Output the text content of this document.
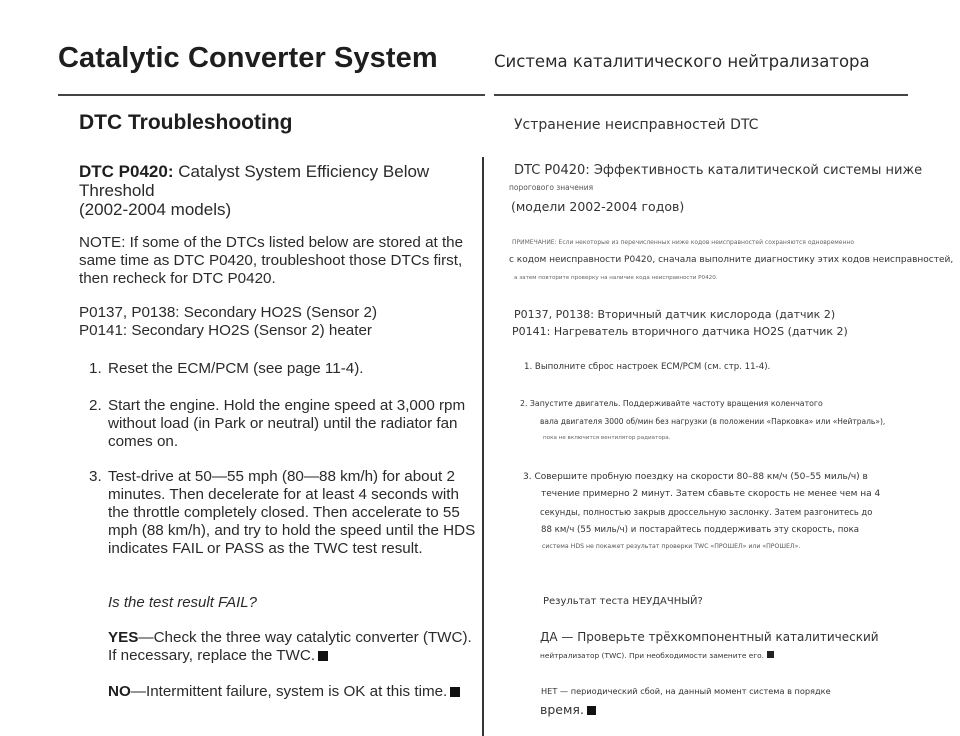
Catalytic Converter System	Система каталитического нейтрализатора
DTC Troubleshooting	Устранение неисправностей DTC
DTC P0420: Catalyst System Efficiency Below Threshold
(2002-2004 models)
NOTE: If some of the DTCs listed below are stored at the same time as DTC P0420, troubleshoot those DTCs first, then recheck for DTC P0420.
P0137, P0138: Secondary HO2S (Sensor 2)
P0141: Secondary HO2S (Sensor 2) heater
1. Reset the ECM/PCM (see page 11-4).
2. Start the engine. Hold the engine speed at 3,000 rpm without load (in Park or neutral) until the radiator fan comes on.
3. Test-drive at 50—55 mph (80—88 km/h) for about 2 minutes. Then decelerate for at least 4 seconds with the throttle completely closed. Then accelerate to 55 mph (88 km/h), and try to hold the speed until the HDS indicates FAIL or PASS as the TWC test result.
Is the test result FAIL?
YES—Check the three way catalytic converter (TWC). If necessary, replace the TWC.
NO—Intermittent failure, system is OK at this time.
DTC P0420: Эффективность каталитической системы ниже
порогового значения
(модели 2002-2004 годов)
ПРИМЕЧАНИЕ: Если некоторые из перечисленных ниже кодов неисправностей сохраняются одновременно
с кодом неисправности P0420, сначала выполните диагностику этих кодов неисправностей,
а затем повторите проверку на наличие кода неисправности P0420.
P0137, P0138: Вторичный датчик кислорода (датчик 2)
P0141: Нагреватель вторичного датчика HO2S (датчик 2)
1. Выполните сброс настроек ECM/PCM (см. стр. 11-4).
2. Запустите двигатель. Поддерживайте частоту вращения коленчатого
вала двигателя 3000 об/мин без нагрузки (в положении «Парковка» или «Нейтраль»),
пока не включится вентилятор радиатора.
3. Совершите пробную поездку на скорости 80–88 км/ч (50–55 миль/ч) в
течение примерно 2 минут. Затем сбавьте скорость не менее чем на 4
секунды, полностью закрыв дроссельную заслонку. Затем разгонитесь до
88 км/ч (55 миль/ч) и постарайтесь поддерживать эту скорость, пока
система HDS не покажет результат проверки TWC «ПРОШЕЛ» или «ПРОШЕЛ».
Результат теста НЕУДАЧНЫЙ?
ДА — Проверьте трёхкомпонентный каталитический
нейтрализатор (TWC). При необходимости замените его.
НЕТ — периодический сбой, на данный момент система в порядке
время.
